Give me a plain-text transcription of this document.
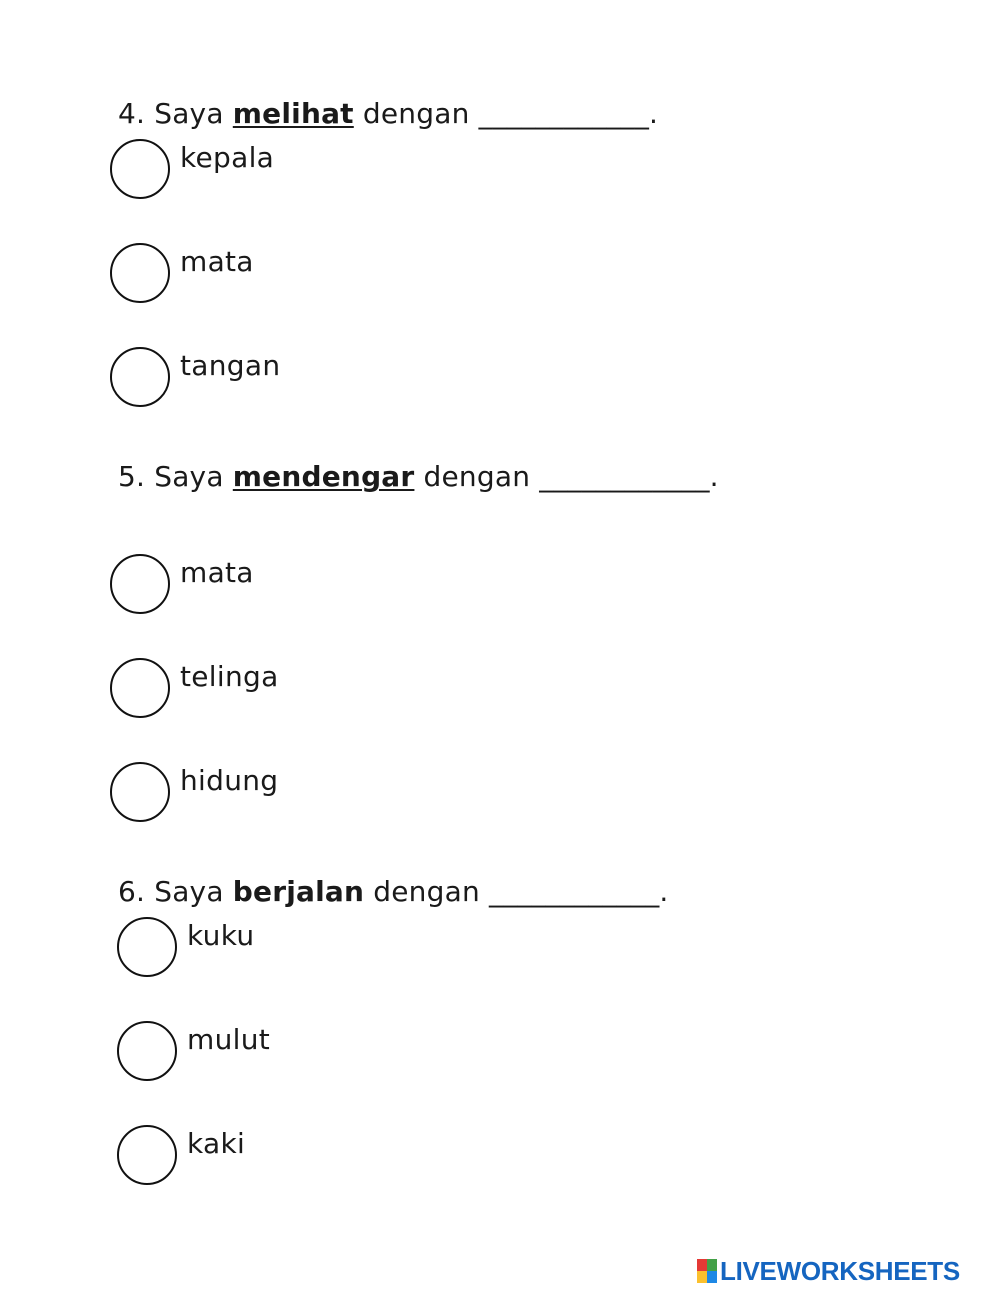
4. Saya melihat dengan ____________.
kepala
mata
tangan
5. Saya mendengar dengan ____________.
mata
telinga
hidung
6. Saya berjalan dengan ____________.
kuku
mulut
kaki
LIVEWORKSHEETS
